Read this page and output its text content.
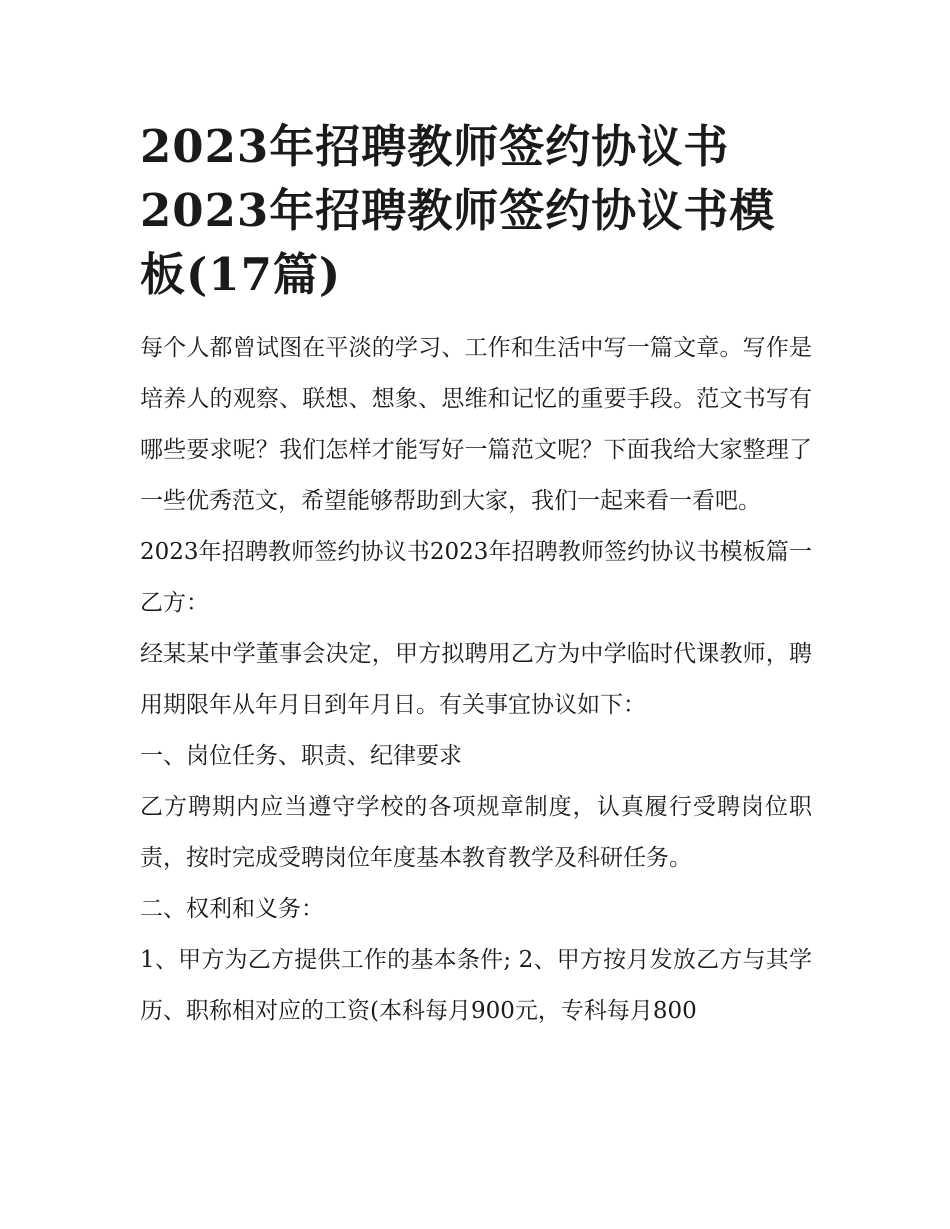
2023年招聘教师签约协议书
2023年招聘教师签约协议书模
板(17篇)

每个人都曾试图在平淡的学习、工作和生活中写一篇文章。写作是培养人的观察、联想、想象、思维和记忆的重要手段。范文书写有哪些要求呢？我们怎样才能写好一篇范文呢？下面我给大家整理了一些优秀范文，希望能够帮助到大家，我们一起来看一看吧。

2023年招聘教师签约协议书2023年招聘教师签约协议书模板篇一 乙方：

经某某中学董事会决定，甲方拟聘用乙方为中学临时代课教师，聘用期限年从年月日到年月日。有关事宜协议如下：

一、岗位任务、职责、纪律要求

乙方聘期内应当遵守学校的各项规章制度，认真履行受聘岗位职责，按时完成受聘岗位年度基本教育教学及科研任务。

二、权利和义务：

1、甲方为乙方提供工作的基本条件; 2、甲方按月发放乙方与其学历、职称相对应的工资(本科每月900元，专科每月800
